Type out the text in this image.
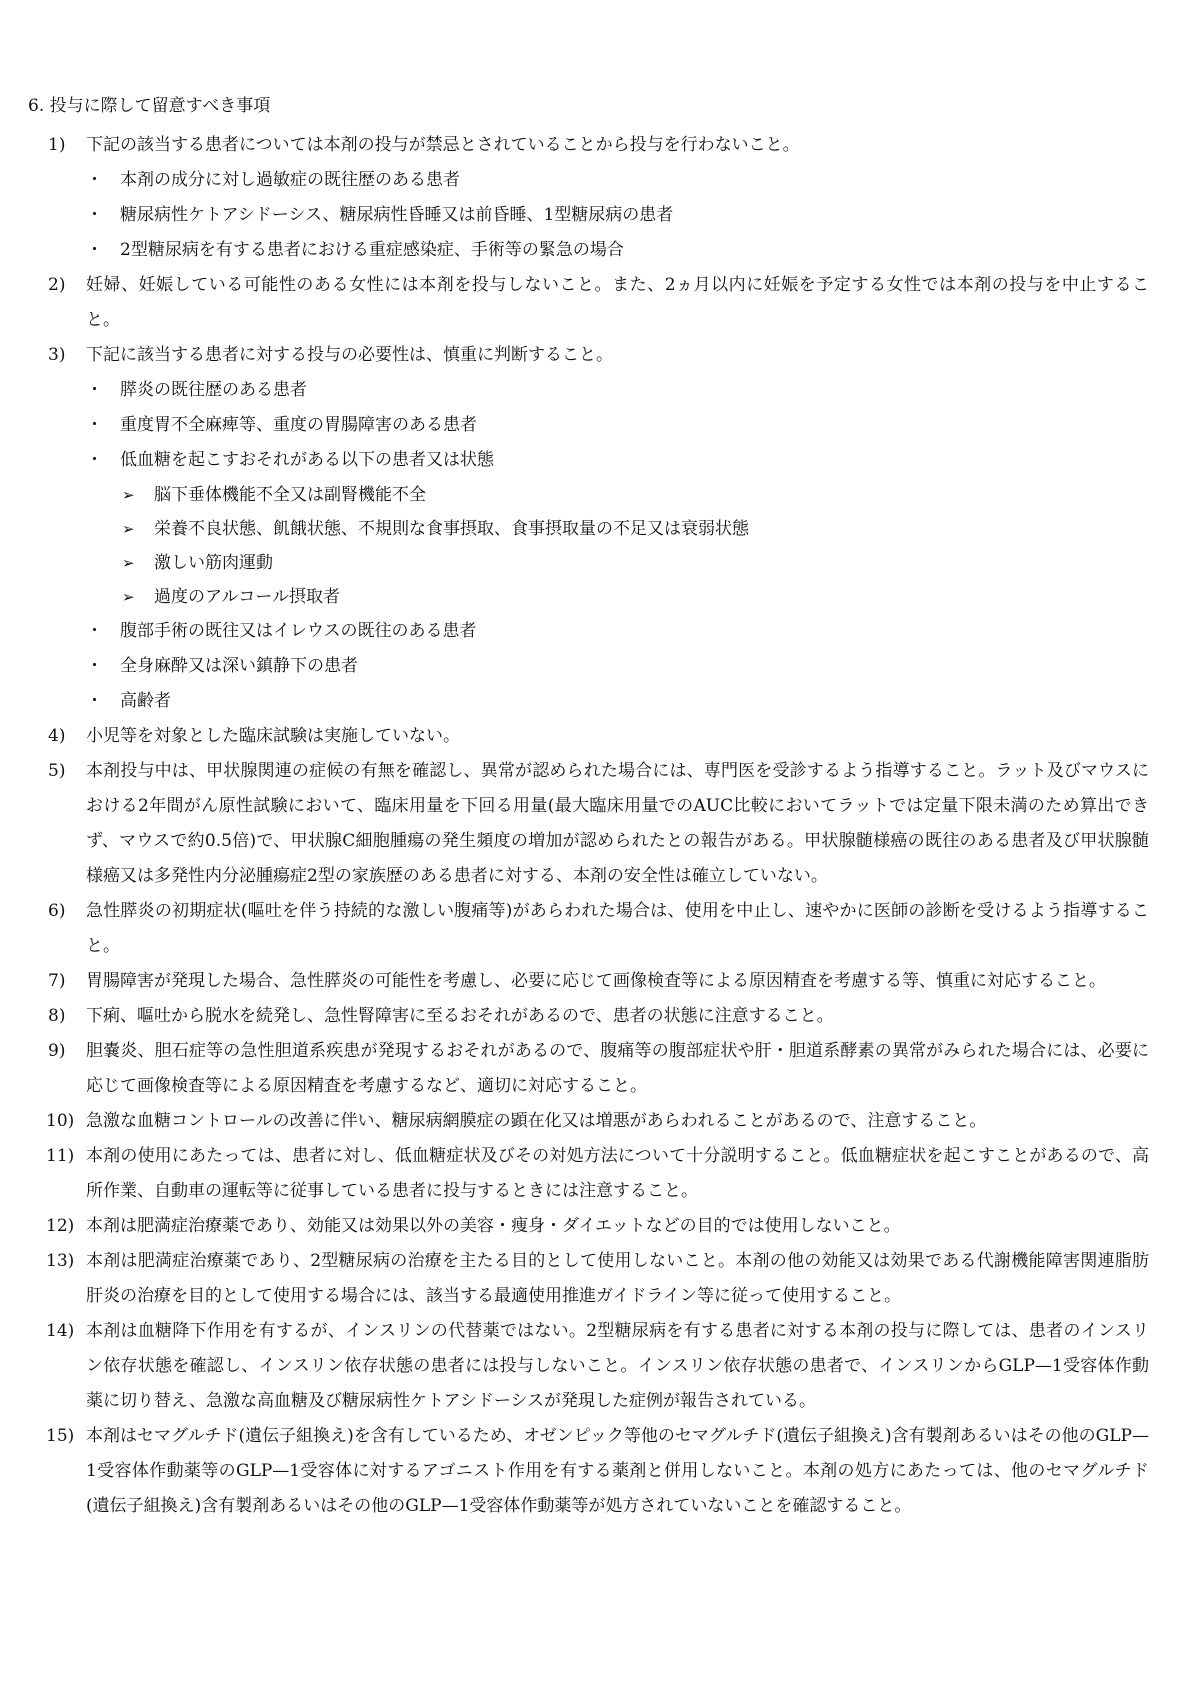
6. 投与に際して留意すべき事項
1) 下記の該当する患者については本剤の投与が禁忌とされていることから投与を行わないこと。
・ 本剤の成分に対し過敏症の既往歴のある患者
・ 糖尿病性ケトアシドーシス、糖尿病性昏睡又は前昏睡、1型糖尿病の患者
・ 2型糖尿病を有する患者における重症感染症、手術等の緊急の場合
2) 妊婦、妊娠している可能性のある女性には本剤を投与しないこと。また、2ヵ月以内に妊娠を予定する女性では本剤の投与を中止すること。
3) 下記に該当する患者に対する投与の必要性は、慎重に判断すること。
・ 膵炎の既往歴のある患者
・ 重度胃不全麻痺等、重度の胃腸障害のある患者
・ 低血糖を起こすおそれがある以下の患者又は状態
➢ 脳下垂体機能不全又は副腎機能不全
➢ 栄養不良状態、飢餓状態、不規則な食事摂取、食事摂取量の不足又は衰弱状態
➢ 激しい筋肉運動
➢ 過度のアルコール摂取者
・ 腹部手術の既往又はイレウスの既往のある患者
・ 全身麻酔又は深い鎮静下の患者
・ 高齢者
4) 小児等を対象とした臨床試験は実施していない。
5) 本剤投与中は、甲状腺関連の症候の有無を確認し、異常が認められた場合には、専門医を受診するよう指導すること。ラット及びマウスにおける2年間がん原性試験において、臨床用量を下回る用量(最大臨床用量でのAUC比較においてラットでは定量下限未満のため算出できず、マウスで約0.5倍)で、甲状腺C細胞腫瘍の発生頻度の増加が認められたとの報告がある。甲状腺髄様癌の既往のある患者及び甲状腺髄様癌又は多発性内分泌腫瘍症2型の家族歴のある患者に対する、本剤の安全性は確立していない。
6) 急性膵炎の初期症状(嘔吐を伴う持続的な激しい腹痛等)があらわれた場合は、使用を中止し、速やかに医師の診断を受けるよう指導すること。
7) 胃腸障害が発現した場合、急性膵炎の可能性を考慮し、必要に応じて画像検査等による原因精査を考慮する等、慎重に対応すること。
8) 下痢、嘔吐から脱水を続発し、急性腎障害に至るおそれがあるので、患者の状態に注意すること。
9) 胆嚢炎、胆石症等の急性胆道系疾患が発現するおそれがあるので、腹痛等の腹部症状や肝・胆道系酵素の異常がみられた場合には、必要に応じて画像検査等による原因精査を考慮するなど、適切に対応すること。
10) 急激な血糖コントロールの改善に伴い、糖尿病網膜症の顕在化又は増悪があらわれることがあるので、注意すること。
11) 本剤の使用にあたっては、患者に対し、低血糖症状及びその対処方法について十分説明すること。低血糖症状を起こすことがあるので、高所作業、自動車の運転等に従事している患者に投与するときには注意すること。
12) 本剤は肥満症治療薬であり、効能又は効果以外の美容・痩身・ダイエットなどの目的では使用しないこと。
13) 本剤は肥満症治療薬であり、2型糖尿病の治療を主たる目的として使用しないこと。本剤の他の効能又は効果である代謝機能障害関連脂肪肝炎の治療を目的として使用する場合には、該当する最適使用推進ガイドライン等に従って使用すること。
14) 本剤は血糖降下作用を有するが、インスリンの代替薬ではない。2型糖尿病を有する患者に対する本剤の投与に際しては、患者のインスリン依存状態を確認し、インスリン依存状態の患者には投与しないこと。インスリン依存状態の患者で、インスリンからGLP—1受容体作動薬に切り替え、急激な高血糖及び糖尿病性ケトアシドーシスが発現した症例が報告されている。
15) 本剤はセマグルチド(遺伝子組換え)を含有しているため、オゼンピック等他のセマグルチド(遺伝子組換え)含有製剤あるいはその他のGLP—1受容体作動薬等のGLP—1受容体に対するアゴニスト作用を有する薬剤と併用しないこと。本剤の処方にあたっては、他のセマグルチド(遺伝子組換え)含有製剤あるいはその他のGLP—1受容体作動薬等が処方されていないことを確認すること。
